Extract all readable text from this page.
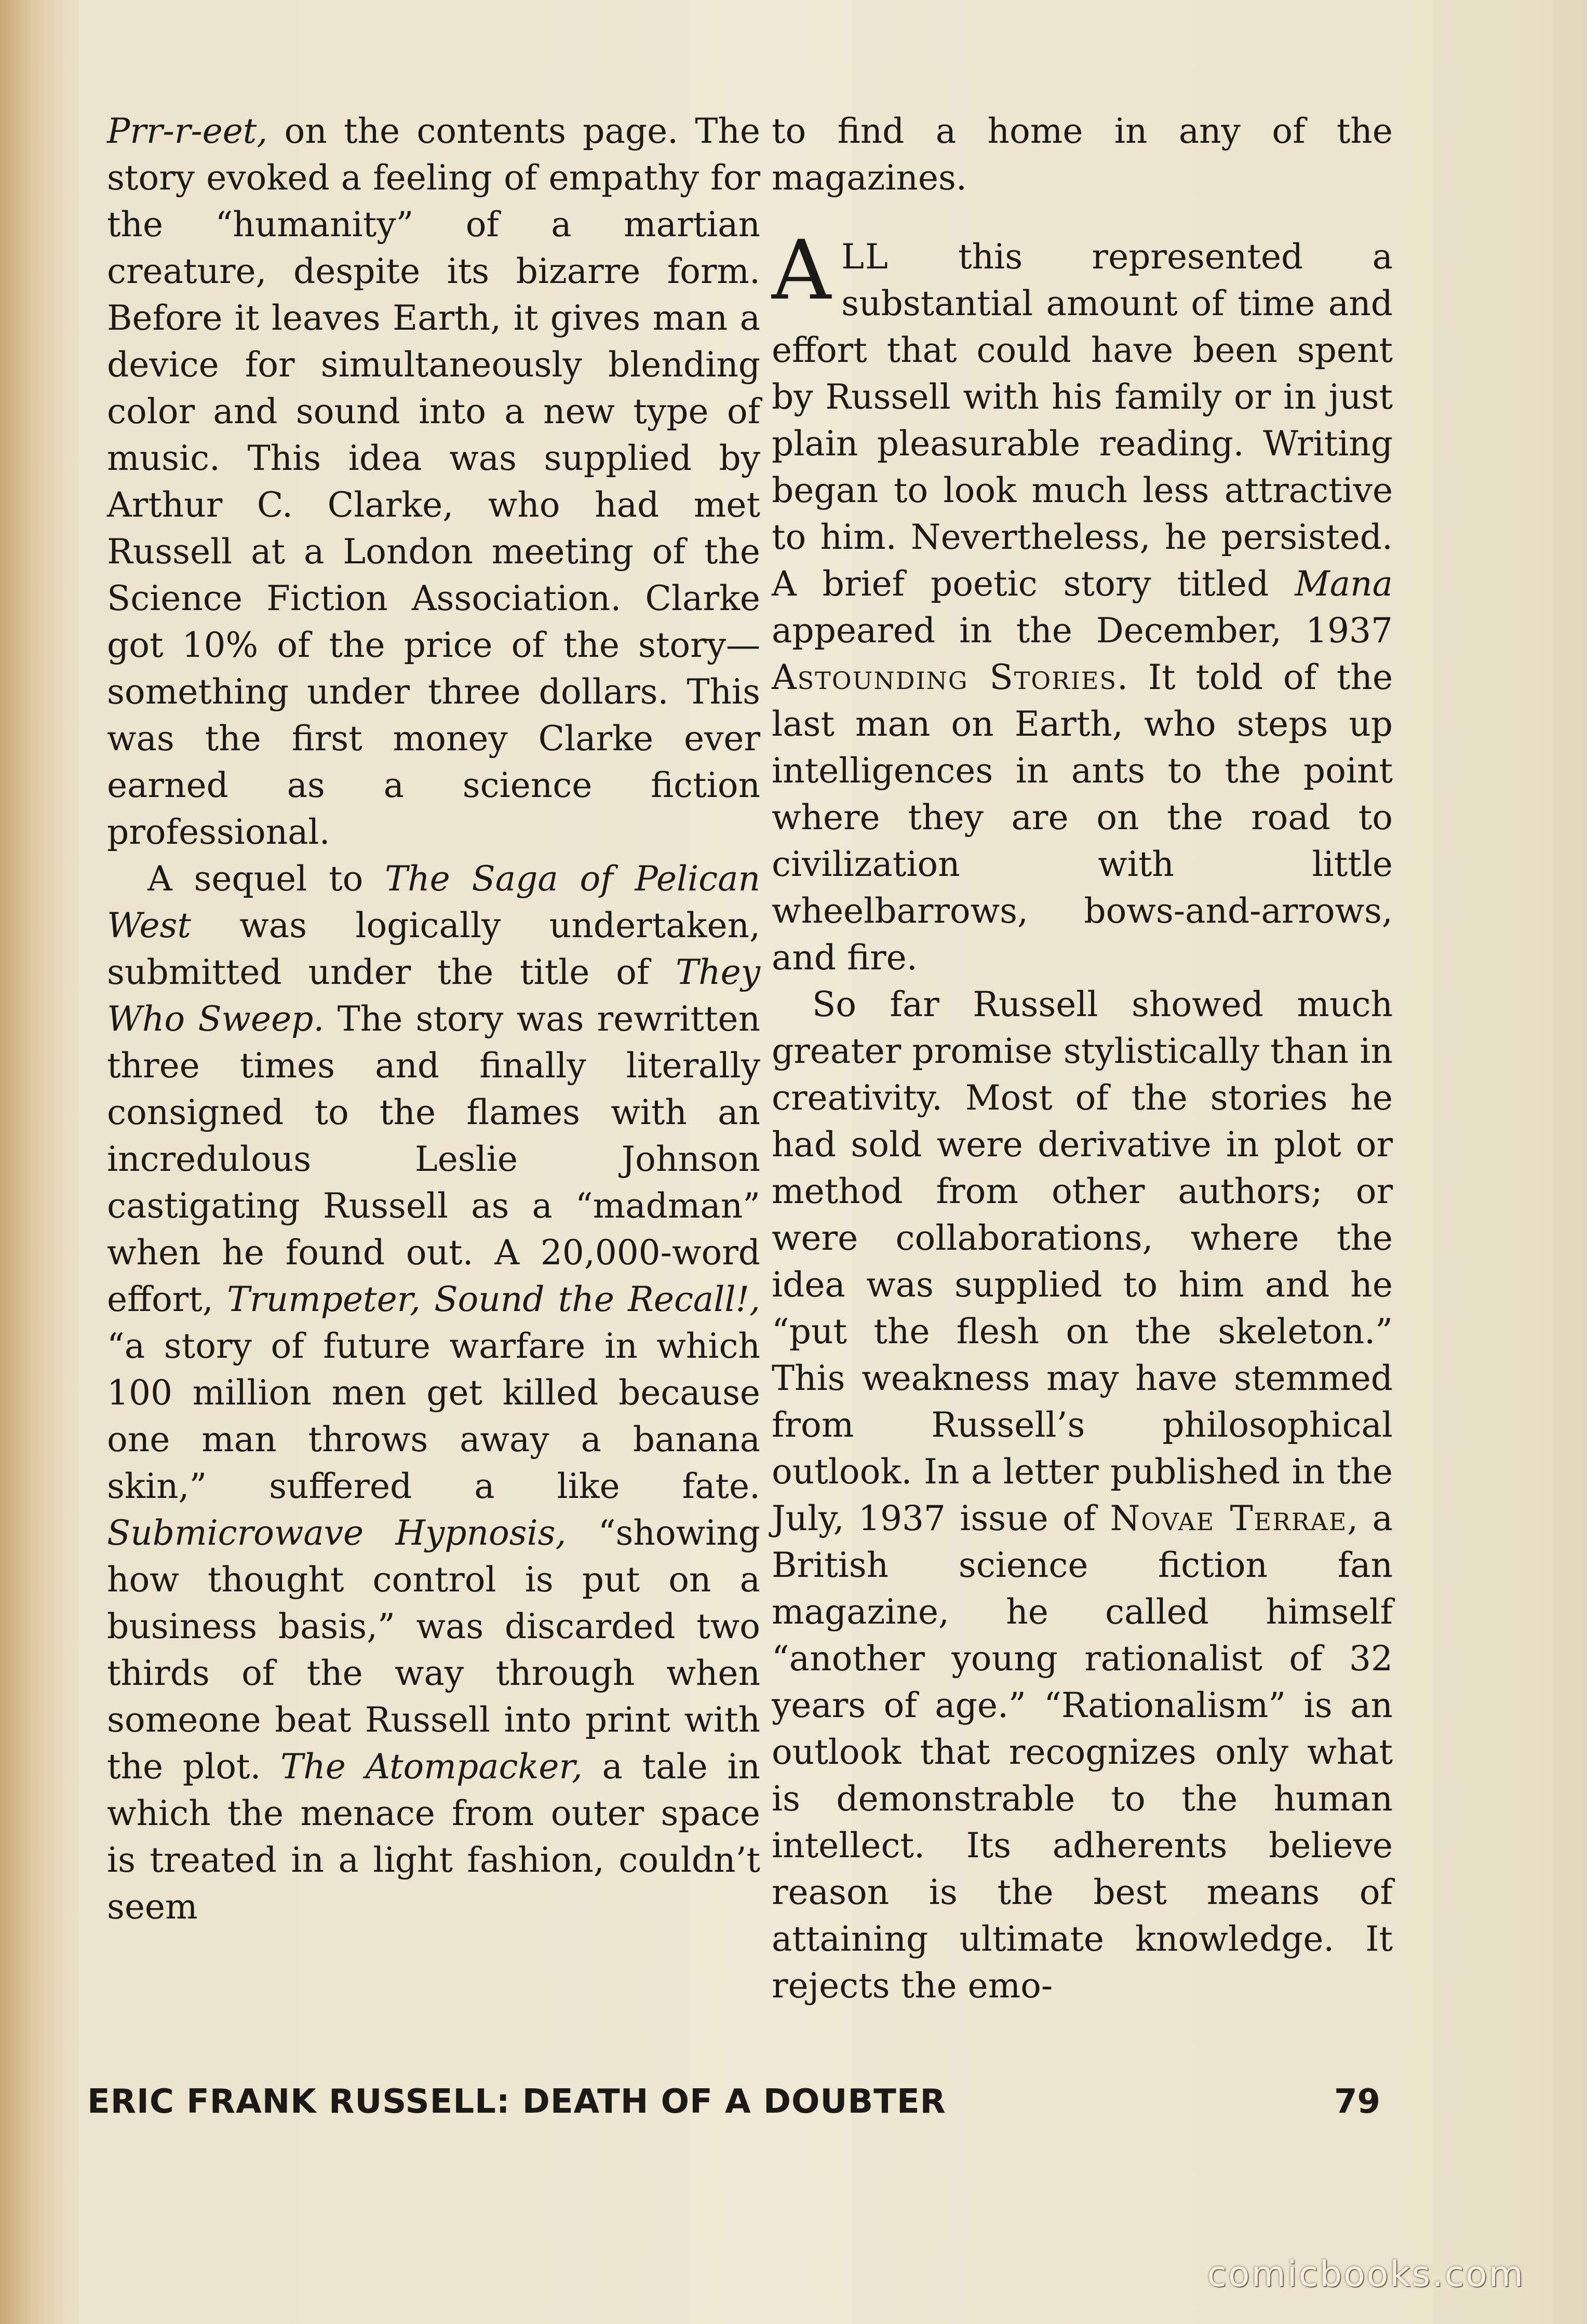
Prr-r-eet, on the contents page. The story evoked a feeling of empathy for the “humanity” of a martian creature, despite its bizarre form. Before it leaves Earth, it gives man a device for simultaneously blending color and sound into a new type of music. This idea was supplied by Arthur C. Clarke, who had met Russell at a London meeting of the Science Fiction Association. Clarke got 10% of the price of the story—something under three dollars. This was the first money Clarke ever earned as a science fiction professional.

A sequel to The Saga of Pelican West was logically undertaken, submitted under the title of They Who Sweep. The story was rewritten three times and finally literally consigned to the flames with an incredulous Leslie Johnson castigating Russell as a “madman” when he found out. A 20,000-word effort, Trumpeter, Sound the Recall!, “a story of future warfare in which 100 million men get killed because one man throws away a banana skin,” suffered a like fate. Submicrowave Hypnosis, “showing how thought control is put on a business basis,” was discarded two thirds of the way through when someone beat Russell into print with the plot. The Atompacker, a tale in which the menace from outer space is treated in a light fashion, couldn’t seem

to find a home in any of the magazines.

ALL this represented a substantial amount of time and effort that could have been spent by Russell with his family or in just plain pleasurable reading. Writing began to look much less attractive to him. Nevertheless, he persisted. A brief poetic story titled Mana appeared in the December, 1937 Astounding Stories. It told of the last man on Earth, who steps up intelligences in ants to the point where they are on the road to civilization with little wheelbarrows, bows-and-arrows, and fire.

So far Russell showed much greater promise stylistically than in creativity. Most of the stories he had sold were derivative in plot or method from other authors; or were collaborations, where the idea was supplied to him and he “put the flesh on the skeleton.” This weakness may have stemmed from Russell’s philosophical outlook. In a letter published in the July, 1937 issue of Novae Terrae, a British science fiction fan magazine, he called himself “another young rationalist of 32 years of age.” “Rationalism” is an outlook that recognizes only what is demonstrable to the human intellect. Its adherents believe reason is the best means of attaining ultimate knowledge. It rejects the emo-

ERIC FRANK RUSSELL: DEATH OF A DOUBTER	79
comicbooks.com
